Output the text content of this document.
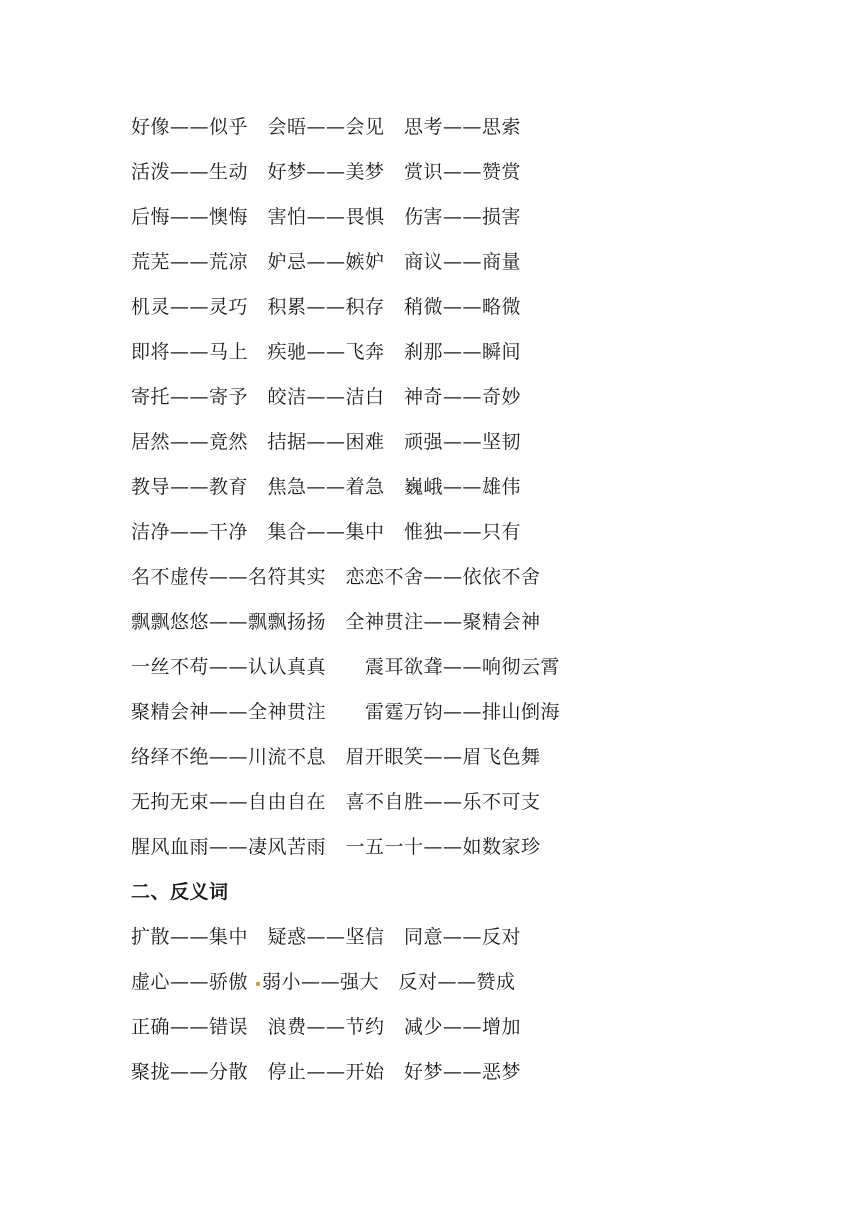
好像——似乎　会晤——会见　思考——思索
活泼——生动　好梦——美梦　赏识——赞赏
后悔——懊悔　害怕——畏惧　伤害——损害
荒芜——荒凉　妒忌——嫉妒　商议——商量
机灵——灵巧　积累——积存　稍微——略微
即将——马上　疾驰——飞奔　刹那——瞬间
寄托——寄予　皎洁——洁白　神奇——奇妙
居然——竟然　拮据——困难　顽强——坚韧
教导——教育　焦急——着急　巍峨——雄伟
洁净——干净　集合——集中　惟独——只有
名不虚传——名符其实　恋恋不舍——依依不舍
飘飘悠悠——飘飘扬扬　全神贯注——聚精会神
一丝不苟——认认真真　　震耳欲聋——响彻云霄
聚精会神——全神贯注　　雷霆万钧——排山倒海
络绎不绝——川流不息　眉开眼笑——眉飞色舞
无拘无束——自由自在　喜不自胜——乐不可支
腥风血雨——凄风苦雨　一五一十——如数家珍
二、反义词
扩散——集中　疑惑——坚信　同意——反对
虚心——骄傲 弱小——强大　反对——赞成
正确——错误　浪费——节约　减少——增加
聚拢——分散　停止——开始　好梦——恶梦
